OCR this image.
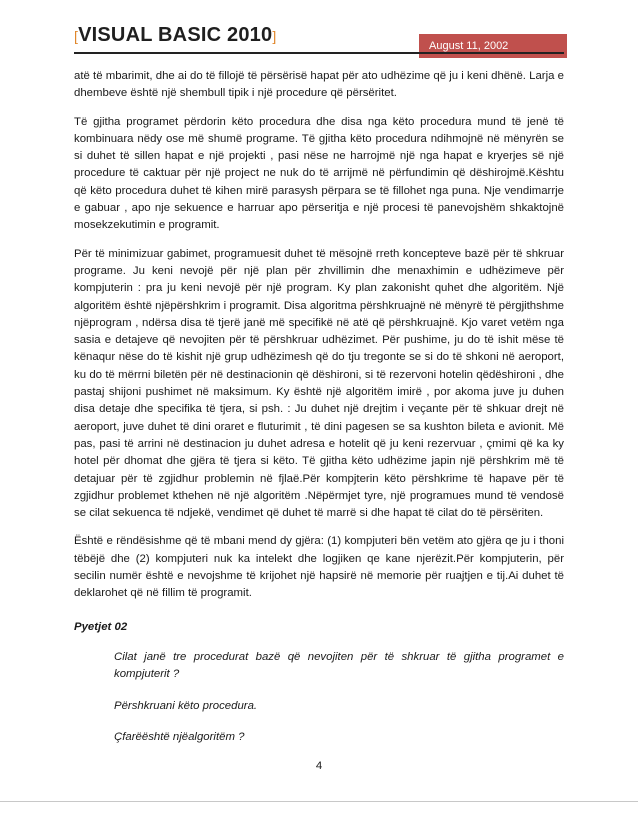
[VISUAL BASIC 2010]
August 11, 2002

atë të mbarimit, dhe ai do të fillojë të përsërisë hapat për ato udhëzime që ju i keni dhënë. Larja e dhembeve është një shembull tipik i një procedure që përsëritet.

Të gjitha programet përdorin këto procedura dhe disa nga këto procedura mund të jenë të kombinuara nëdy ose më shumë programe. Të gjitha këto procedura ndihmojnë në mënyrën se si duhet të sillen hapat e një projekti , pasi nëse ne harrojmë një nga hapat e kryerjes së një procedure të caktuar për një project ne nuk do të arrijmë në përfundimin që dëshirojmë.Kështu që këto procedura duhet të kihen mirë parasysh përpara se të fillohet nga puna. Nje vendimarrje e gabuar , apo nje sekuence e harruar apo përseritja e një procesi të panevojshëm shkaktojnë mosekzekutimin e programit.

Për të minimizuar gabimet, programuesit duhet të mësojnë rreth koncepteve bazë për të shkruar programe. Ju keni nevojë për një plan për zhvillimin dhe menaxhimin e udhëzimeve për kompjuterin : pra ju keni nevojë për një program. Ky plan zakonisht quhet dhe algoritëm. Një algoritëm është njëpërshkrim i programit. Disa algoritma përshkruajnë në mënyrë të përgjithshme njëprogram , ndërsa disa të tjerë janë më specifikë në atë që përshkruajnë. Kjo varet vetëm nga sasia e detajeve që nevojiten për të përshkruar udhëzimet. Për pushime, ju do të ishit mëse të kënaqur nëse do të kishit një grup udhëzimesh që do tju tregonte se si do të shkoni në aeroport, ku do të mërrni biletën për në destinacionin që dëshironi, si të rezervoni hotelin qëdëshironi , dhe pastaj shijoni pushimet në maksimum. Ky është një algoritëm imirë , por akoma juve ju duhen disa detaje dhe specifika të tjera, si psh. : Ju duhet një drejtim i veçante për të shkuar drejt në aeroport, juve duhet të dini oraret e fluturimit , të dini pagesen se sa kushton bileta e avionit. Më pas, pasi të arrini në destinacion ju duhet adresa e hotelit që ju keni rezervuar , çmimi që ka ky hotel për dhomat dhe gjëra të tjera si këto. Të gjitha këto udhëzime japin një përshkrim më të detajuar për të zgjidhur problemin në fjlaë.Për kompjterin këto përshkrime të hapave për të zgjidhur problemet kthehen në një algoritëm .Nëpërmjet tyre, një programues mund të vendosë se cilat sekuenca të ndjekë, vendimet që duhet të marrë si dhe hapat të cilat do të përsëriten.

Është e rëndësishme që të mbani mend dy gjëra: (1) kompjuteri bën vetëm ato gjëra qe ju i thoni tëbëjë dhe (2) kompjuteri nuk ka intelekt dhe logjiken qe kane njerëzit.Për kompjuterin, për secilin numër është e nevojshme të krijohet një hapsirë në memorie për ruajtjen e tij.Ai duhet të deklarohet që në fillim të programit.

Pyetjet 02
Cilat janë tre procedurat bazë që nevojiten për të shkruar të gjitha programet e kompjuterit ?
Përshkruani këto procedura.
Çfarëështë njëalgoritëm ?
4
